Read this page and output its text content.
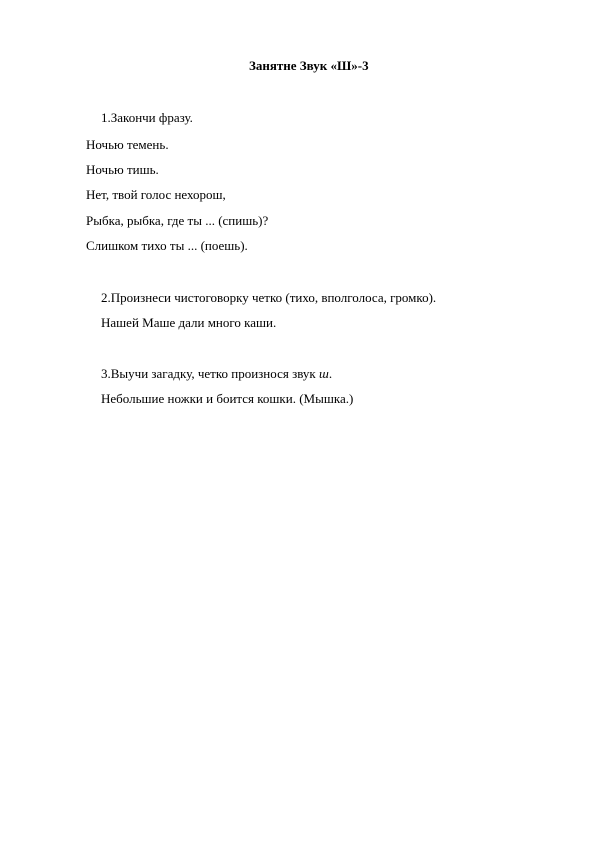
Занятне Звук «Ш»-3
1.Закончи фразу.
Ночью темень.
Ночью тишь.
Нет, твой голос нехорош,
Рыбка, рыбка, где ты ... (спишь)?
Слишком тихо ты ... (поешь).
2.Произнеси чистоговорку четко (тихо, вполголоса, громко).
Нашей Маше дали много каши.
3.Выучи загадку, четко произнося звук ш.
Небольшие ножки и боится кошки. (Мышка.)
